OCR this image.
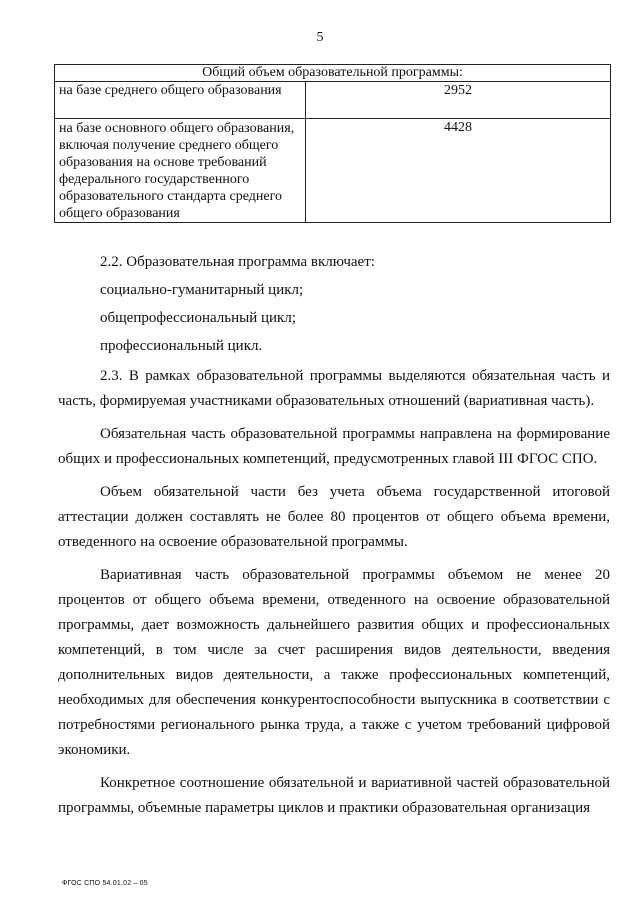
5
Общий объем образовательной программы:	
на базе среднего общего образования	2952
на базе основного общего образования, включая получение среднего общего образования на основе требований федерального государственного образовательного стандарта среднего общего образования	4428

2.2. Образовательная программа включает:

социально-гуманитарный цикл;

общепрофессиональный цикл;

профессиональный цикл.

2.3. В рамках образовательной программы выделяются обязательная часть и часть, формируемая участниками образовательных отношений (вариативная часть).

Обязательная часть образовательной программы направлена на формирование общих и профессиональных компетенций, предусмотренных главой III ФГОС СПО.

Объем обязательной части без учета объема государственной итоговой аттестации должен составлять не более 80 процентов от общего объема времени, отведенного на освоение образовательной программы.

Вариативная часть образовательной программы объемом не менее 20 процентов от общего объема времени, отведенного на освоение образовательной программы, дает возможность дальнейшего развития общих и профессиональных компетенций, в том числе за счет расширения видов деятельности, введения дополнительных видов деятельности, а также профессиональных компетенций, необходимых для обеспечения конкурентоспособности выпускника в соответствии с потребностями регионального рынка труда, а также с учетом требований цифровой экономики.

Конкретное соотношение обязательной и вариативной частей образовательной программы, объемные параметры циклов и практики образовательная организация

ФГОС СПО 54.01.02 – 05
